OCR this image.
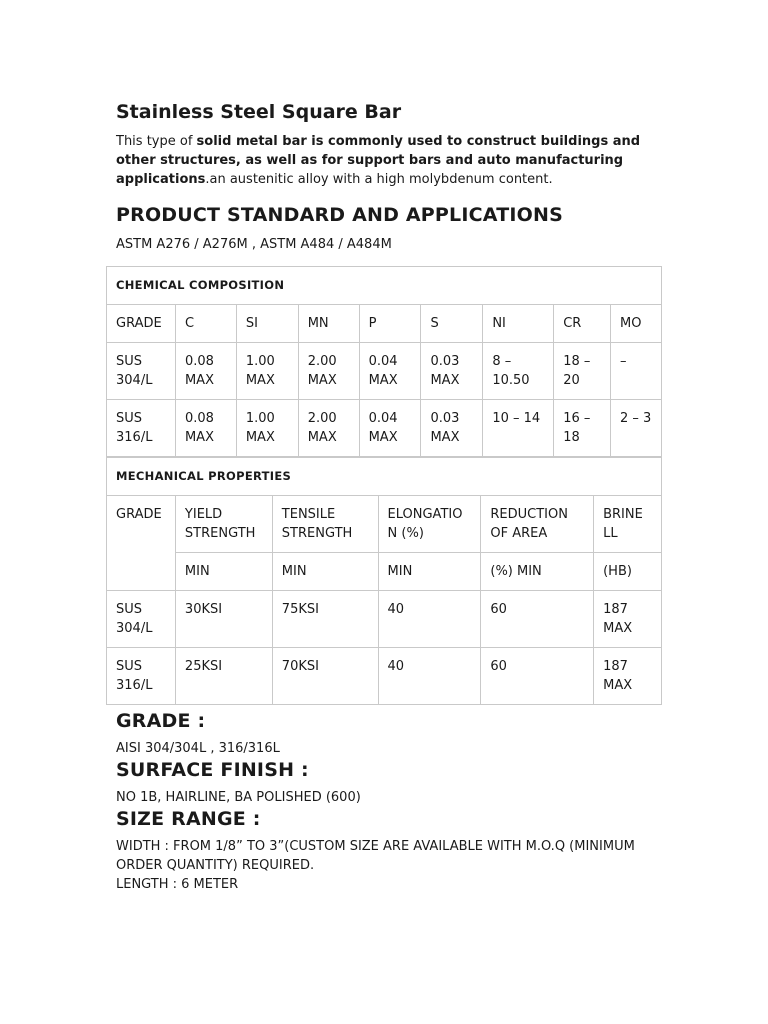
Stainless Steel Square Bar

This type of solid metal bar is commonly used to construct buildings and other structures, as well as for support bars and auto manufacturing applications.an austenitic alloy with a high molybdenum content.

PRODUCT STANDARD AND APPLICATIONS

ASTM A276 / A276M , ASTM A484 / A484M

CHEMICAL COMPOSITION								
GRADE	C	SI	MN	P	S	NI	CR	MO
SUS 304/L	0.08 MAX	1.00 MAX	2.00 MAX	0.04 MAX	0.03 MAX	8 – 10.50	18 – 20	–
SUS 316/L	0.08 MAX	1.00 MAX	2.00 MAX	0.04 MAX	0.03 MAX	10 – 14	16 – 18	2 – 3
MECHANICAL PROPERTIES					
GRADE	YIELD STRENGTH	TENSILE STRENGTH	ELONGATIO N (%)	REDUCTION OF AREA	BRINE LL
	MIN	MIN	MIN	(%) MIN	(HB)
SUS 304/L	30KSI	75KSI	40	60	187 MAX
SUS 316/L	25KSI	70KSI	40	60	187 MAX
GRADE :

AISI 304/304L , 316/316L

SURFACE FINISH :

NO 1B, HAIRLINE, BA POLISHED (600)

SIZE RANGE :

WIDTH : FROM 1/8” TO 3”(CUSTOM SIZE ARE AVAILABLE WITH M.O.Q (MINIMUM ORDER QUANTITY) REQUIRED.

LENGTH : 6 METER
